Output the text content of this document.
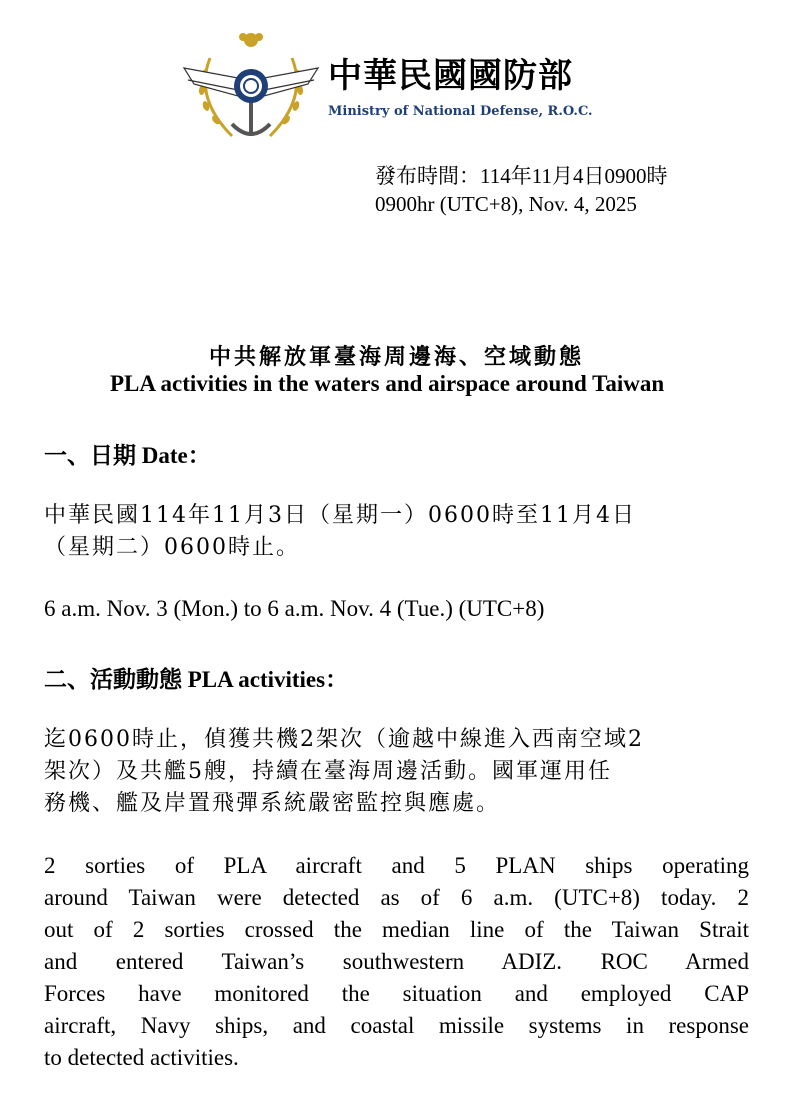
中華民國國防部
Ministry of National Defense, R.O.C.
發布時間：114年11月4日0900時
0900hr (UTC+8), Nov. 4, 2025
中共解放軍臺海周邊海、空域動態
PLA activities in the waters and airspace around Taiwan
一、日期 Date：
中華民國114年11月3日（星期一）0600時至11月4日
（星期二）0600時止。
6 a.m. Nov. 3 (Mon.) to 6 a.m. Nov. 4 (Tue.) (UTC+8)
二、活動動態 PLA activities：
迄0600時止，偵獲共機2架次（逾越中線進入西南空域2
架次）及共艦5艘，持續在臺海周邊活動。國軍運用任
務機、艦及岸置飛彈系統嚴密監控與應處。
2 sorties of PLA aircraft and 5 PLAN ships operating
around Taiwan were detected as of 6 a.m. (UTC+8) today. 2
out of 2 sorties crossed the median line of the Taiwan Strait
and entered Taiwan’s southwestern ADIZ. ROC Armed
Forces have monitored the situation and employed CAP
aircraft, Navy ships, and coastal missile systems in response
to detected activities.
